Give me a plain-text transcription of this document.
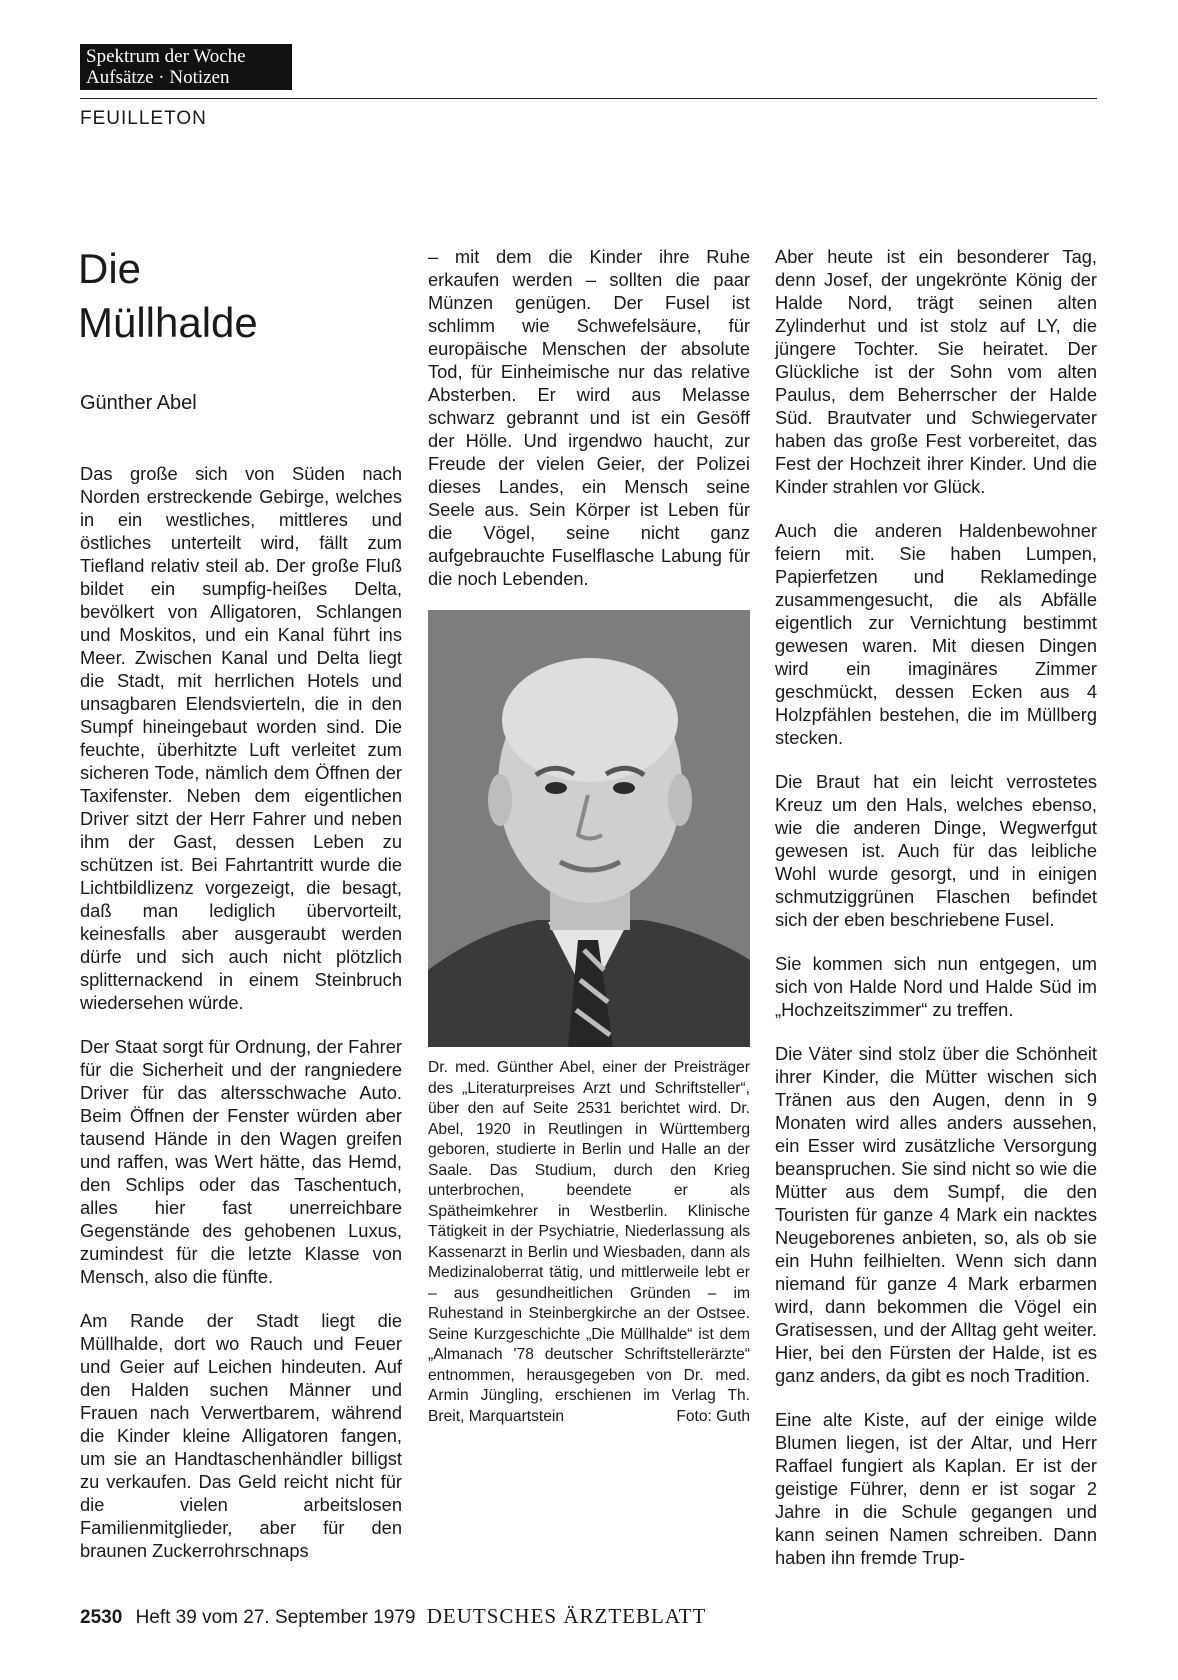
Spektrum der Woche
Aufsätze · Notizen
FEUILLETON
Die
Müllhalde
Günther Abel

Das große sich von Süden nach Norden erstreckende Gebirge, welches in ein westliches, mittleres und östliches unterteilt wird, fällt zum Tiefland relativ steil ab. Der große Fluß bildet ein sumpfig-heißes Delta, bevölkert von Alligatoren, Schlangen und Moskitos, und ein Kanal führt ins Meer. Zwischen Kanal und Delta liegt die Stadt, mit herrlichen Hotels und unsagbaren Elendsvierteln, die in den Sumpf hineingebaut worden sind. Die feuchte, überhitzte Luft verleitet zum sicheren Tode, nämlich dem Öffnen der Taxifenster. Neben dem eigentlichen Driver sitzt der Herr Fahrer und neben ihm der Gast, dessen Leben zu schützen ist. Bei Fahrtantritt wurde die Lichtbildlizenz vorgezeigt, die besagt, daß man lediglich übervorteilt, keinesfalls aber ausgeraubt werden dürfe und sich auch nicht plötzlich splitternackend in einem Steinbruch wiedersehen würde.

Der Staat sorgt für Ordnung, der Fahrer für die Sicherheit und der rangniedere Driver für das altersschwache Auto. Beim Öffnen der Fenster würden aber tausend Hände in den Wagen greifen und raffen, was Wert hätte, das Hemd, den Schlips oder das Taschentuch, alles hier fast unerreichbare Gegenstände des gehobenen Luxus, zumindest für die letzte Klasse von Mensch, also die fünfte.

Am Rande der Stadt liegt die Müllhalde, dort wo Rauch und Feuer und Geier auf Leichen hindeuten. Auf den Halden suchen Männer und Frauen nach Verwertbarem, während die Kinder kleine Alligatoren fangen, um sie an Handtaschenhändler billigst zu verkaufen. Das Geld reicht nicht für die vielen arbeitslosen Familienmitglieder, aber für den braunen Zuckerrohrschnaps

– mit dem die Kinder ihre Ruhe erkaufen werden – sollten die paar Münzen genügen. Der Fusel ist schlimm wie Schwefelsäure, für europäische Menschen der absolute Tod, für Einheimische nur das relative Absterben. Er wird aus Melasse schwarz gebrannt und ist ein Gesöff der Hölle. Und irgendwo haucht, zur Freude der vielen Geier, der Polizei dieses Landes, ein Mensch seine Seele aus. Sein Körper ist Leben für die Vögel, seine nicht ganz aufgebrauchte Fuselflasche Labung für die noch Lebenden.

Dr. med. Günther Abel, einer der Preisträger des „Literaturpreises Arzt und Schriftsteller“, über den auf Seite 2531 berichtet wird. Dr. Abel, 1920 in Reutlingen in Württemberg geboren, studierte in Berlin und Halle an der Saale. Das Studium, durch den Krieg unterbrochen, beendete er als Spätheimkehrer in Westberlin. Klinische Tätigkeit in der Psychiatrie, Niederlassung als Kassenarzt in Berlin und Wiesbaden, dann als Medizinaloberrat tätig, und mittlerweile lebt er – aus gesundheitlichen Gründen – im Ruhestand in Steinbergkirche an der Ostsee. Seine Kurzgeschichte „Die Müllhalde“ ist dem „Almanach '78 deutscher Schriftstellerärzte“ entnommen, herausgegeben von Dr. med. Armin Jüngling, erschienen im Verlag Th. Breit, Marquartstein	Foto: Guth

Aber heute ist ein besonderer Tag, denn Josef, der ungekrönte König der Halde Nord, trägt seinen alten Zylinderhut und ist stolz auf LY, die jüngere Tochter. Sie heiratet. Der Glückliche ist der Sohn vom alten Paulus, dem Beherrscher der Halde Süd. Brautvater und Schwiegervater haben das große Fest vorbereitet, das Fest der Hochzeit ihrer Kinder. Und die Kinder strahlen vor Glück.

Auch die anderen Haldenbewohner feiern mit. Sie haben Lumpen, Papierfetzen und Reklamedinge zusammengesucht, die als Abfälle eigentlich zur Vernichtung bestimmt gewesen waren. Mit diesen Dingen wird ein imaginäres Zimmer geschmückt, dessen Ecken aus 4 Holzpfählen bestehen, die im Müllberg stecken.

Die Braut hat ein leicht verrostetes Kreuz um den Hals, welches ebenso, wie die anderen Dinge, Wegwerfgut gewesen ist. Auch für das leibliche Wohl wurde gesorgt, und in einigen schmutziggrünen Flaschen befindet sich der eben beschriebene Fusel.

Sie kommen sich nun entgegen, um sich von Halde Nord und Halde Süd im „Hochzeitszimmer“ zu treffen.

Die Väter sind stolz über die Schönheit ihrer Kinder, die Mütter wischen sich Tränen aus den Augen, denn in 9 Monaten wird alles anders aussehen, ein Esser wird zusätzliche Versorgung beanspruchen. Sie sind nicht so wie die Mütter aus dem Sumpf, die den Touristen für ganze 4 Mark ein nacktes Neugeborenes anbieten, so, als ob sie ein Huhn feilhielten. Wenn sich dann niemand für ganze 4 Mark erbarmen wird, dann bekommen die Vögel ein Gratisessen, und der Alltag geht weiter. Hier, bei den Fürsten der Halde, ist es ganz anders, da gibt es noch Tradition.

Eine alte Kiste, auf der einige wilde Blumen liegen, ist der Altar, und Herr Raffael fungiert als Kaplan. Er ist der geistige Führer, denn er ist sogar 2 Jahre in die Schule gegangen und kann seinen Namen schreiben. Dann haben ihn fremde Trup-

2530 Heft 39 vom 27. September 1979 DEUTSCHES ÄRZTEBLATT
